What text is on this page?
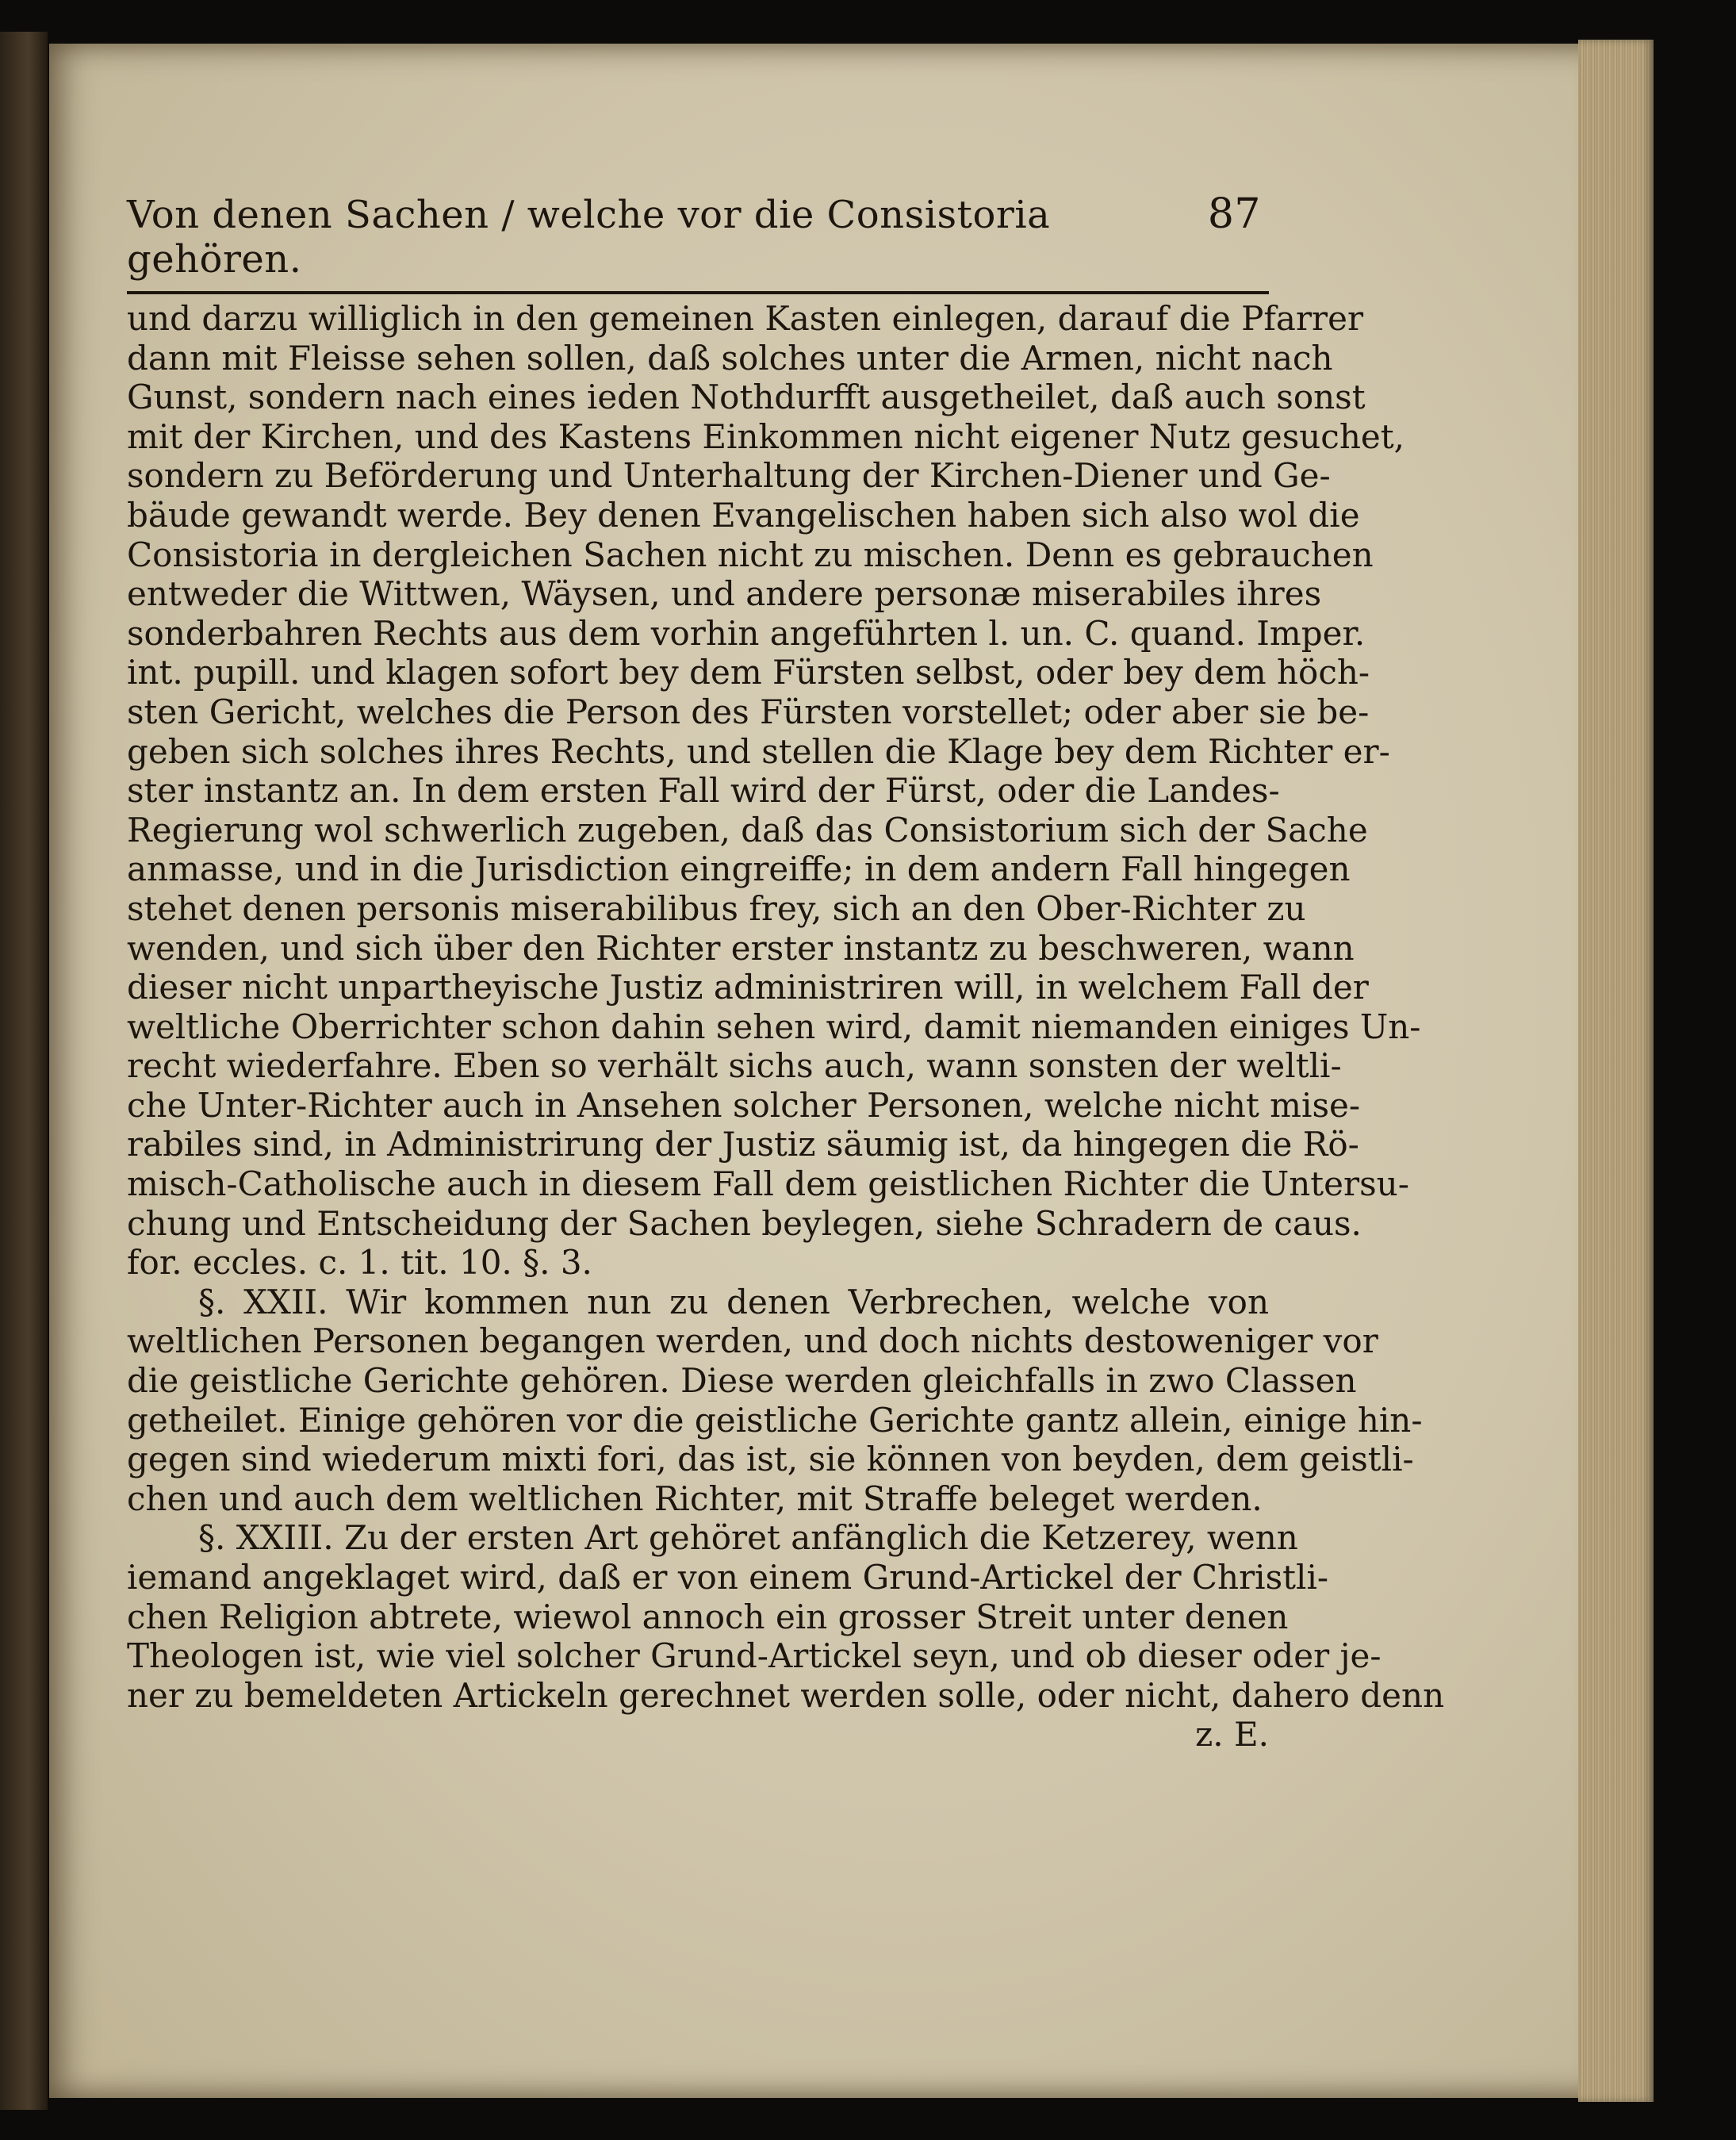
Von denen Sachen / welche vor die Consistoria gehören.
87
und darzu williglich in den gemeinen Kasten einlegen, darauf die Pfarrer
dann mit Fleisse sehen sollen, daß solches unter die Armen, nicht nach
Gunst, sondern nach eines ieden Nothdurfft ausgetheilet, daß auch sonst
mit der Kirchen, und des Kastens Einkommen nicht eigener Nutz gesuchet,
sondern zu Beförderung und Unterhaltung der Kirchen-Diener und Ge-
bäude gewandt werde. Bey denen Evangelischen haben sich also wol die
Consistoria in dergleichen Sachen nicht zu mischen. Denn es gebrauchen
entweder die Wittwen, Wäysen, und andere personæ miserabiles ihres
sonderbahren Rechts aus dem vorhin angeführten l. un. C. quand. Imper.
int. pupill. und klagen sofort bey dem Fürsten selbst, oder bey dem höch-
sten Gericht, welches die Person des Fürsten vorstellet; oder aber sie be-
geben sich solches ihres Rechts, und stellen die Klage bey dem Richter er-
ster instantz an. In dem ersten Fall wird der Fürst, oder die Landes-
Regierung wol schwerlich zugeben, daß das Consistorium sich der Sache
anmasse, und in die Jurisdiction eingreiffe; in dem andern Fall hingegen
stehet denen personis miserabilibus frey, sich an den Ober-Richter zu
wenden, und sich über den Richter erster instantz zu beschweren, wann
dieser nicht unpartheyische Justiz administriren will, in welchem Fall der
weltliche Oberrichter schon dahin sehen wird, damit niemanden einiges Un-
recht wiederfahre. Eben so verhält sichs auch, wann sonsten der weltli-
che Unter-Richter auch in Ansehen solcher Personen, welche nicht mise-
rabiles sind, in Administrirung der Justiz säumig ist, da hingegen die Rö-
misch-Catholische auch in diesem Fall dem geistlichen Richter die Untersu-
chung und Entscheidung der Sachen beylegen, siehe Schradern de caus.
for. eccles. c. 1. tit. 10. §. 3.
§. XXII. Wir kommen nun zu denen Verbrechen, welche von
weltlichen Personen begangen werden, und doch nichts destoweniger vor
die geistliche Gerichte gehören. Diese werden gleichfalls in zwo Classen
getheilet. Einige gehören vor die geistliche Gerichte gantz allein, einige hin-
gegen sind wiederum mixti fori, das ist, sie können von beyden, dem geistli-
chen und auch dem weltlichen Richter, mit Straffe beleget werden.
§. XXIII. Zu der ersten Art gehöret anfänglich die Ketzerey, wenn
iemand angeklaget wird, daß er von einem Grund-Artickel der Christli-
chen Religion abtrete, wiewol annoch ein grosser Streit unter denen
Theologen ist, wie viel solcher Grund-Artickel seyn, und ob dieser oder je-
ner zu bemeldeten Artickeln gerechnet werden solle, oder nicht, dahero denn
z. E.
